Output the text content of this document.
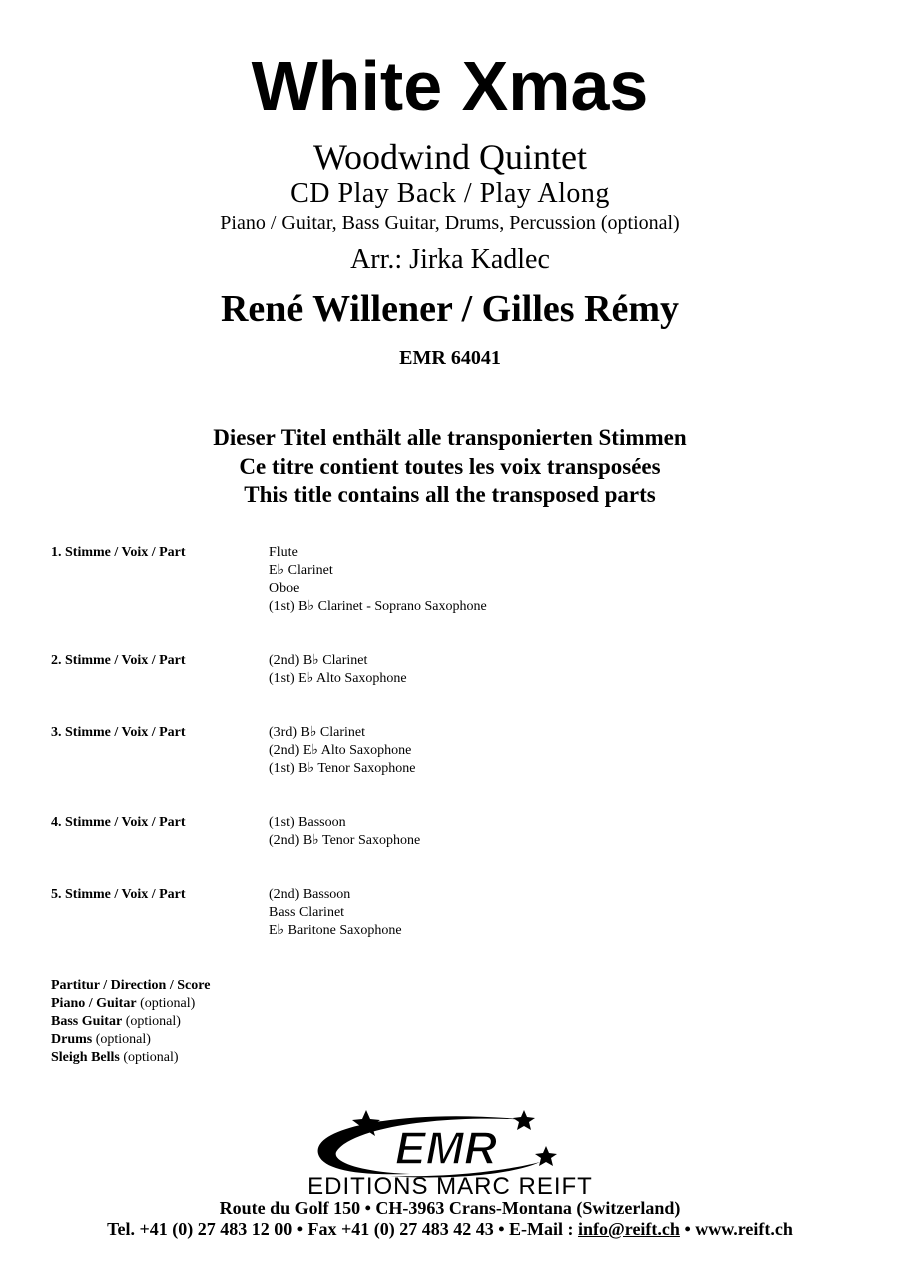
White Xmas
Woodwind Quintet
CD Play Back / Play Along
Piano / Guitar, Bass Guitar, Drums, Percussion (optional)
Arr.: Jirka Kadlec
René Willener / Gilles Rémy
EMR 64041
Dieser Titel enthält alle transponierten Stimmen
Ce titre contient toutes les voix transposées
This title contains all the transposed parts
1. Stimme / Voix / Part	Flute
E♭ Clarinet
Oboe
(1st) B♭ Clarinet - Soprano Saxophone
2. Stimme / Voix / Part	(2nd) B♭ Clarinet
(1st) E♭ Alto Saxophone
3. Stimme / Voix / Part	(3rd) B♭ Clarinet
(2nd) E♭ Alto Saxophone
(1st) B♭ Tenor Saxophone
4. Stimme / Voix / Part	(1st) Bassoon
(2nd) B♭ Tenor Saxophone
5. Stimme / Voix / Part	(2nd) Bassoon
Bass Clarinet
E♭ Baritone Saxophone
Partitur / Direction / Score
Piano / Guitar (optional)
Bass Guitar (optional)
Drums (optional)
Sleigh Bells (optional)
EMR
EDITIONS MARC REIFT
Route du Golf 150 • CH-3963 Crans-Montana (Switzerland)
Tel. +41 (0) 27 483 12 00 • Fax +41 (0) 27 483 42 43 • E-Mail : info@reift.ch • www.reift.ch
